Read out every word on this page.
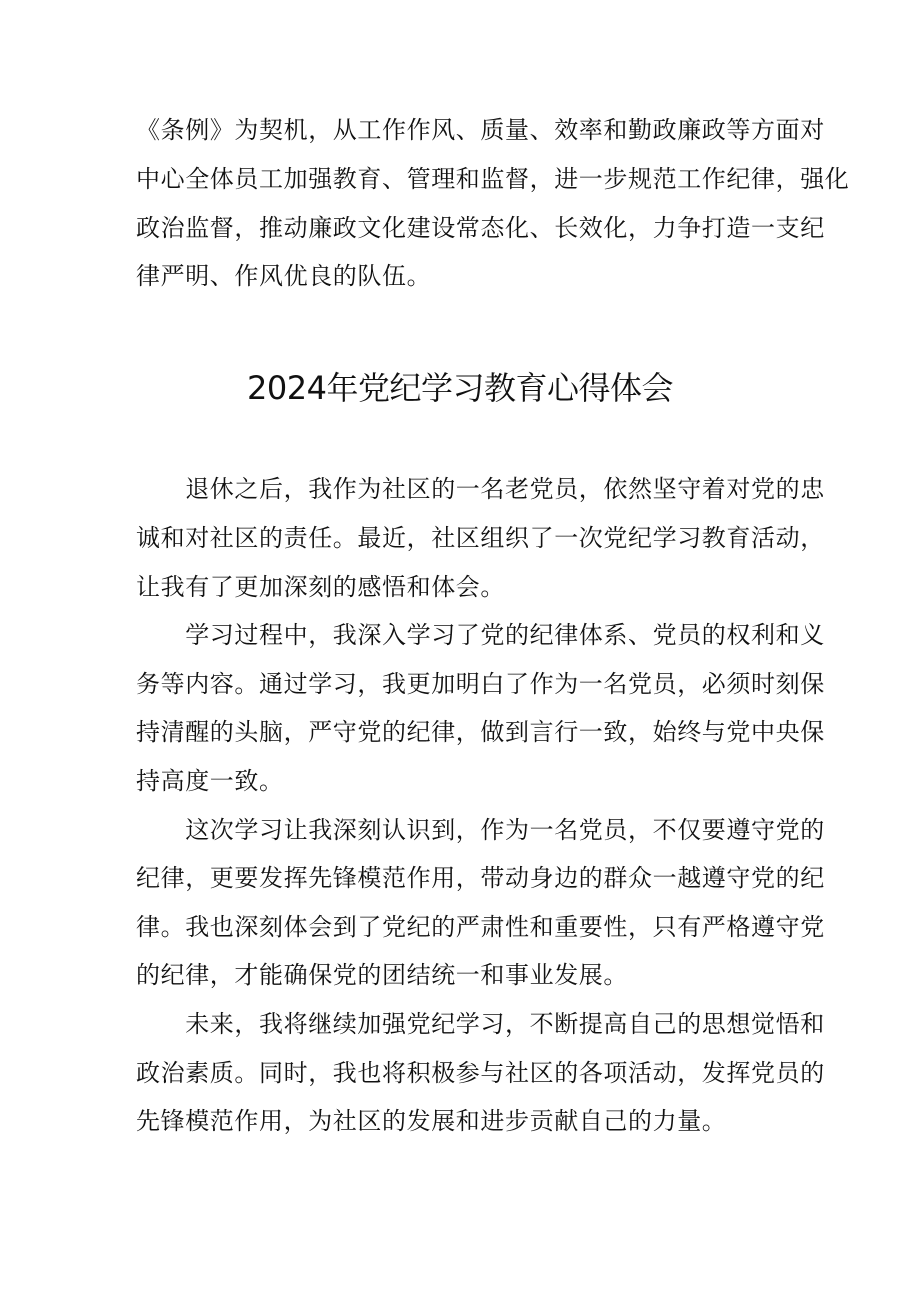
《条例》为契机，从工作作风、质量、效率和勤政廉政等方面对
中心全体员工加强教育、管理和监督，进一步规范工作纪律，强化
政治监督，推动廉政文化建设常态化、长效化，力争打造一支纪
律严明、作风优良的队伍。
2024年党纪学习教育心得体会
　　退休之后，我作为社区的一名老党员，依然坚守着对党的忠
诚和对社区的责任。最近，社区组织了一次党纪学习教育活动，
让我有了更加深刻的感悟和体会。
　　学习过程中，我深入学习了党的纪律体系、党员的权利和义
务等内容。通过学习，我更加明白了作为一名党员，必须时刻保
持清醒的头脑，严守党的纪律，做到言行一致，始终与党中央保
持高度一致。
　　这次学习让我深刻认识到，作为一名党员，不仅要遵守党的
纪律，更要发挥先锋模范作用，带动身边的群众一越遵守党的纪
律。我也深刻体会到了党纪的严肃性和重要性，只有严格遵守党
的纪律，才能确保党的团结统一和事业发展。
　　未来，我将继续加强党纪学习，不断提高自己的思想觉悟和
政治素质。同时，我也将积极参与社区的各项活动，发挥党员的
先锋模范作用，为社区的发展和进步贡献自己的力量。
